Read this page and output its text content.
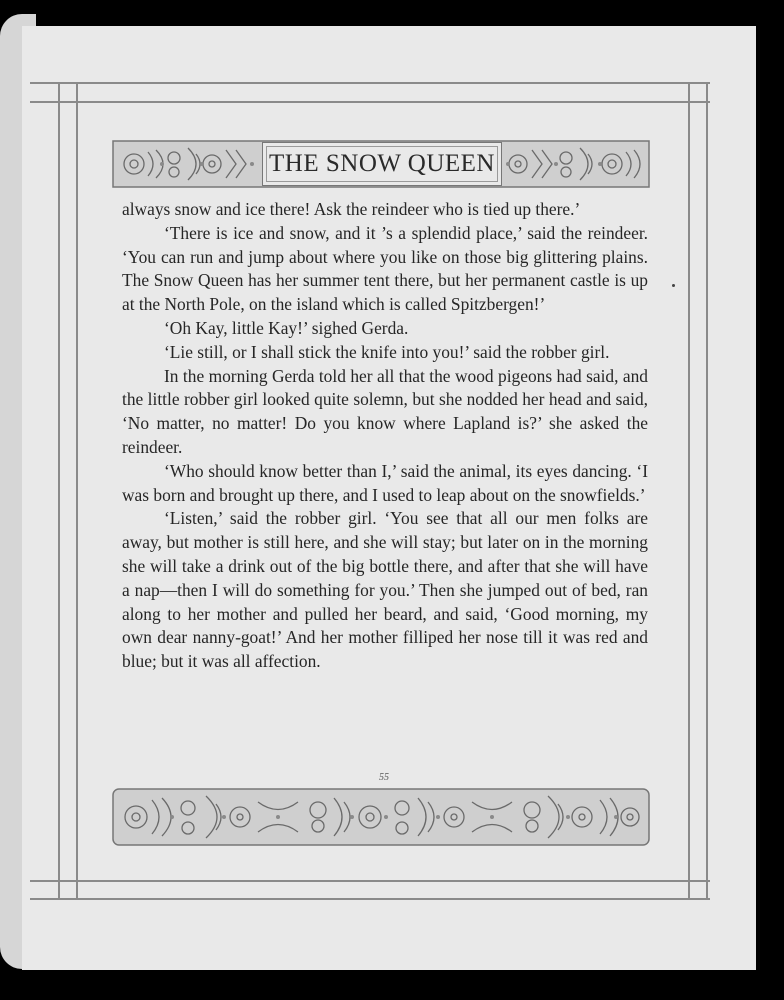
THE SNOW QUEEN

always snow and ice there! Ask the reindeer who is tied up there.’

‘There is ice and snow, and it ’s a splendid place,’ said the reindeer. ‘You can run and jump about where you like on those big glittering plains. The Snow Queen has her summer tent there, but her permanent castle is up at the North Pole, on the island which is called Spitzbergen!’

‘Oh Kay, little Kay!’ sighed Gerda.

‘Lie still, or I shall stick the knife into you!’ said the robber girl.

In the morning Gerda told her all that the wood pigeons had said, and the little robber girl looked quite solemn, but she nodded her head and said, ‘No matter, no matter! Do you know where Lapland is?’ she asked the reindeer.

‘Who should know better than I,’ said the animal, its eyes dancing. ‘I was born and brought up there, and I used to leap about on the snowfields.’

‘Listen,’ said the robber girl. ‘You see that all our men folks are away, but mother is still here, and she will stay; but later on in the morning she will take a drink out of the big bottle there, and after that she will have a nap—then I will do something for you.’ Then she jumped out of bed, ran along to her mother and pulled her beard, and said, ‘Good morning, my own dear nanny-goat!’ And her mother filliped her nose till it was red and blue; but it was all affection.

55
